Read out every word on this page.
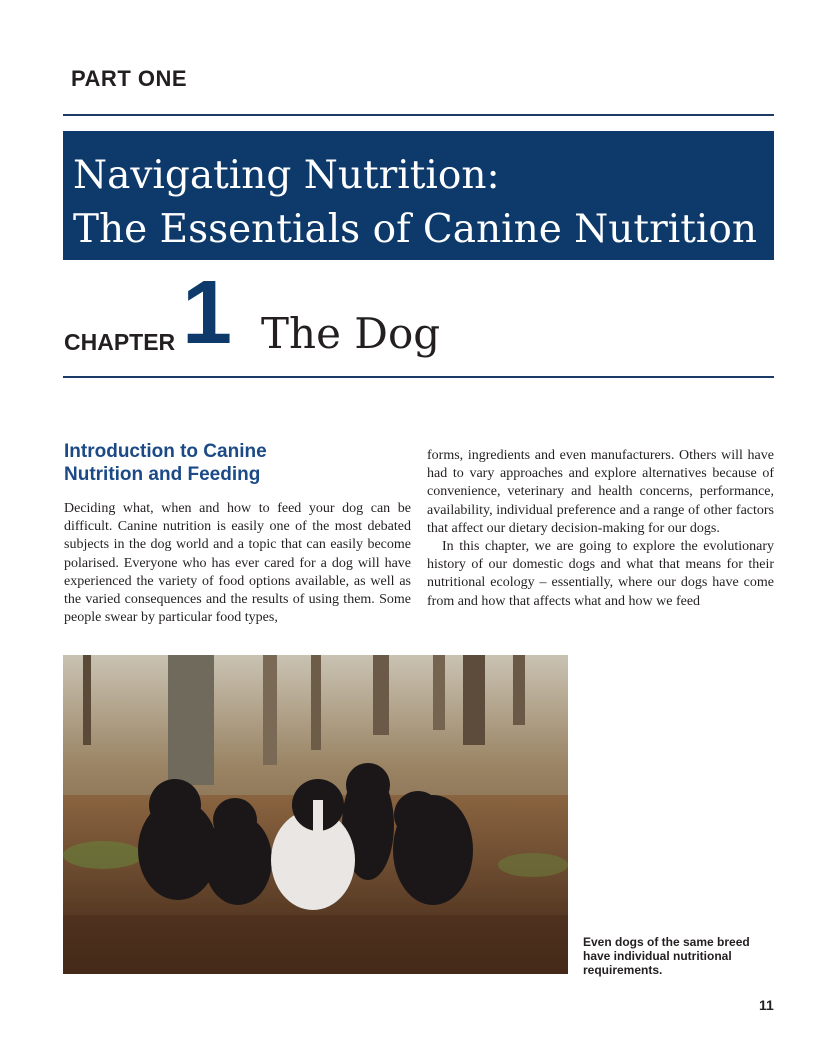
PART ONE
Navigating Nutrition:
The Essentials of Canine Nutrition
CHAPTER 1 The Dog
Introduction to Canine
Nutrition and Feeding

Deciding what, when and how to feed your dog can be difficult. Canine nutrition is easily one of the most debated subjects in the dog world and a topic that can easily become polarised. Everyone who has ever cared for a dog will have experienced the variety of food options available, as well as the varied consequences and the results of using them. Some people swear by particular food types,

forms, ingredients and even manufacturers. Others will have had to vary approaches and explore alternatives because of convenience, veterinary and health concerns, performance, availability, individual preference and a range of other factors that affect our dietary decision-making for our dogs.

In this chapter, we are going to explore the evolutionary history of our domestic dogs and what that means for their nutritional ecology – essentially, where our dogs have come from and how that affects what and how we feed

Even dogs of the same breed have individual nutritional requirements.
11
